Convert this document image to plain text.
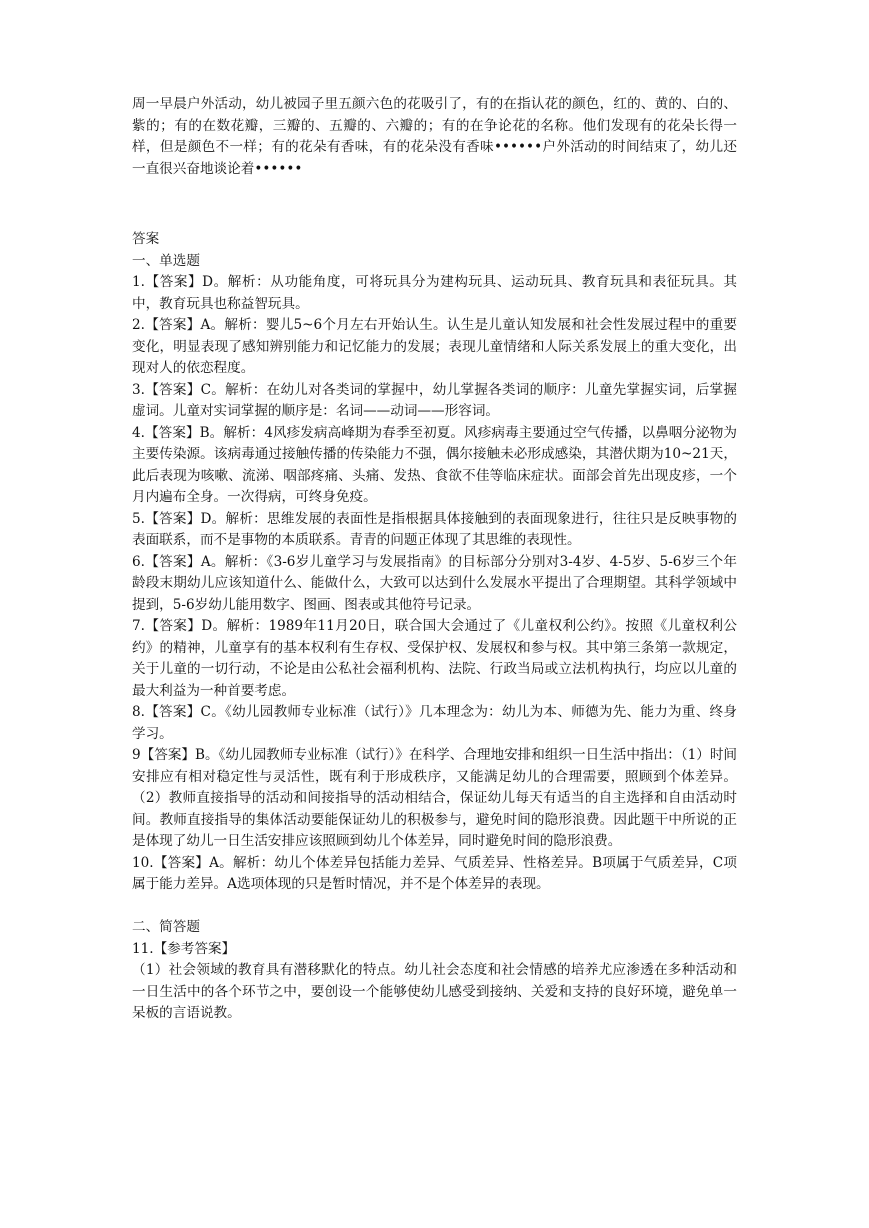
周一早晨户外活动，幼儿被园子里五颜六色的花吸引了，有的在指认花的颜色，红的、黄的、白的、紫的；有的在数花瓣，三瓣的、五瓣的、六瓣的；有的在争论花的名称。他们发现有的花朵长得一样，但是颜色不一样；有的花朵有香味，有的花朵没有香味••••••户外活动的时间结束了，幼儿还一直很兴奋地谈论着••••••

答案

一、单选题

1.【答案】D。解析：从功能角度，可将玩具分为建构玩具、运动玩具、教育玩具和表征玩具。其中，教育玩具也称益智玩具。

2.【答案】A。解析：婴儿5~6个月左右开始认生。认生是儿童认知发展和社会性发展过程中的重要变化，明显表现了感知辨别能力和记忆能力的发展；表现儿童情绪和人际关系发展上的重大变化，出现对人的依恋程度。

3.【答案】C。解析：在幼儿对各类词的掌握中，幼儿掌握各类词的顺序：儿童先掌握实词，后掌握虚词。儿童对实词掌握的顺序是：名词——动词——形容词。

4.【答案】B。解析：4风疹发病高峰期为春季至初夏。风疹病毒主要通过空气传播，以鼻咽分泌物为主要传染源。该病毒通过接触传播的传染能力不强，偶尔接触未必形成感染，其潜伏期为10~21天，此后表现为咳嗽、流涕、咽部疼痛、头痛、发热、食欲不佳等临床症状。面部会首先出现皮疹，一个月内遍布全身。一次得病，可终身免疫。

5.【答案】D。解析：思维发展的表面性是指根据具体接触到的表面现象进行，往往只是反映事物的表面联系，而不是事物的本质联系。青青的问题正体现了其思维的表现性。

6.【答案】A。解析：《3-6岁儿童学习与发展指南》的目标部分分别对3-4岁、4-5岁、5-6岁三个年龄段末期幼儿应该知道什么、能做什么，大致可以达到什么发展水平提出了合理期望。其科学领域中提到，5-6岁幼儿能用数字、图画、图表或其他符号记录。

7.【答案】D。解析：1989年11月20日，联合国大会通过了《儿童权利公约》。按照《儿童权利公约》的精神，儿童享有的基本权利有生存权、受保护权、发展权和参与权。其中第三条第一款规定，关于儿童的一切行动，不论是由公私社会福利机构、法院、行政当局或立法机构执行，均应以儿童的最大利益为一种首要考虑。

8.【答案】C。《幼儿园教师专业标准（试行）》几本理念为：幼儿为本、师德为先、能力为重、终身学习。

9【答案】B。《幼儿园教师专业标准（试行）》在科学、合理地安排和组织一日生活中指出：（1）时间安排应有相对稳定性与灵活性，既有利于形成秩序，又能满足幼儿的合理需要，照顾到个体差异。（2）教师直接指导的活动和间接指导的活动相结合，保证幼儿每天有适当的自主选择和自由活动时间。教师直接指导的集体活动要能保证幼儿的积极参与，避免时间的隐形浪费。因此题干中所说的正是体现了幼儿一日生活安排应该照顾到幼儿个体差异，同时避免时间的隐形浪费。

10.【答案】A。解析：幼儿个体差异包括能力差异、气质差异、性格差异。B项属于气质差异，C项属于能力差异。A选项体现的只是暂时情况，并不是个体差异的表现。

二、简答题

11.【参考答案】

（1）社会领域的教育具有潜移默化的特点。幼儿社会态度和社会情感的培养尤应渗透在多种活动和一日生活中的各个环节之中，要创设一个能够使幼儿感受到接纳、关爱和支持的良好环境，避免单一呆板的言语说教。
